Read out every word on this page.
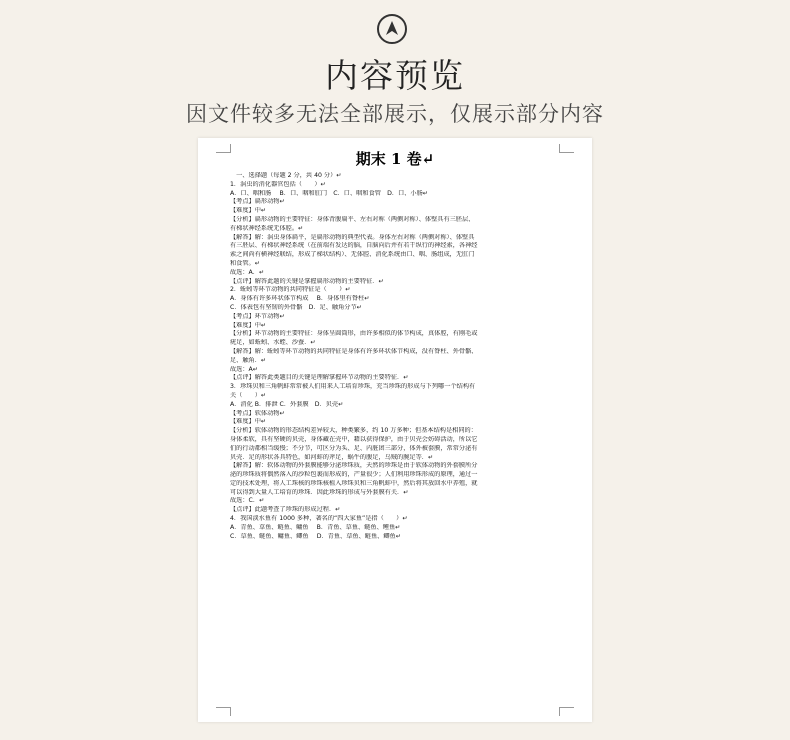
内容预览
因文件较多无法全部展示，仅展示部分内容
期末 1 卷↵
　一、选择题（每题 2 分，共 40 分）↵
1．涡虫的消化器官包括（　　）↵
A．口、咽和肠　 B．口、咽和肛门　C．口、咽和食管　D．口、小肠↵
【考点】扁形动物↵
【难度】中↵
【分析】扁形动物的主要特征：身体背腹扁平、左右对称（两侧对称）、体壁具有三胚层、
有梯状神经系统无体腔。↵
【解答】解：涡虫身体扁平，是扁形动物的典型代表。身体左右对称（两侧对称）、体壁具
有三胚层、有梯状神经系统（在前端有发达的脑，自脑向后并有若干纵行的神经索，各神经
索之间尚有横神经联结，形成了梯状结构）、无体腔、消化系统由口、咽、肠组成，无肛门
和食管。↵
故选：A．↵
【点评】解答此题的关键是掌握扁形动物的主要特征．↵
2．蚯蚓等环节动物的共同特征是（　　）↵
A．身体有许多环状体节构成　 B．身体里有脊柱↵
C．体表包有坚韧的外骨骼　D．足、触角分节↵
【考点】环节动物↵
【难度】中↵
【分析】环节动物的主要特征：身体呈圆筒形，由许多相似的体节构成，真体腔，有刚毛或
疣足，如蚯蚓、水蛭、沙蚕．↵
【解答】解：蚯蚓等环节动物的共同特征是身体有许多环状体节构成，没有脊柱、外骨骼、
足、触角．↵
故选：A↵
【点评】解答此类题目的关键是理解掌握环节动物的主要特征．↵
3．珍珠贝和三角帆蚌常常被人们用来人工培育珍珠，充当珍珠的形成与下列哪一个结构有
关（　　）↵
A．消化 B．排泄 C．外套膜　D．贝壳↵
【考点】软体动物↵
【难度】中↵
【分析】软体动物的形态结构差异较大，种类繁多，约 10 万多种；但基本结构是相同的：
身体柔软，具有坚硬的贝壳，身体藏在壳中，藉以获得保护，由于贝壳会妨碍活动，所以它
们的行动都相当缓慢；不分节，可区分为头、足、内脏团三部分，体外被套膜，常常分泌有
贝壳．足的形状各具特色，如河蚌的斧足，蜗牛的腹足，乌贼的腕足等．↵
【解答】解：软体动物的外套膜能够分泌珍珠质，天然的珍珠是由于软体动物的外套膜所分
泌的珍珠质将偶然落入的沙粒包裹而形成的，产量很少；人们利用珍珠形成的原理，通过一
定的技术处理，将人工珠核的珍珠核植入珍珠贝和三角帆蚌中，然后将其放回水中养殖，就
可以得到大量人工培育的珍珠．因此珍珠的形成与外套膜有关．↵
故选：C．↵
【点评】此题考查了珍珠的形成过程．↵
4．我国淡水鱼有 1000 多种，著名的“四大家鱼”是指（　　）↵
A．青鱼、草鱼、鲢鱼、鳙鱼　 B．青鱼、草鱼、鲢鱼、鲤鱼↵
C．草鱼、鲢鱼、鳙鱼、鲫鱼　 D．青鱼、草鱼、鲢鱼、鲫鱼↵
